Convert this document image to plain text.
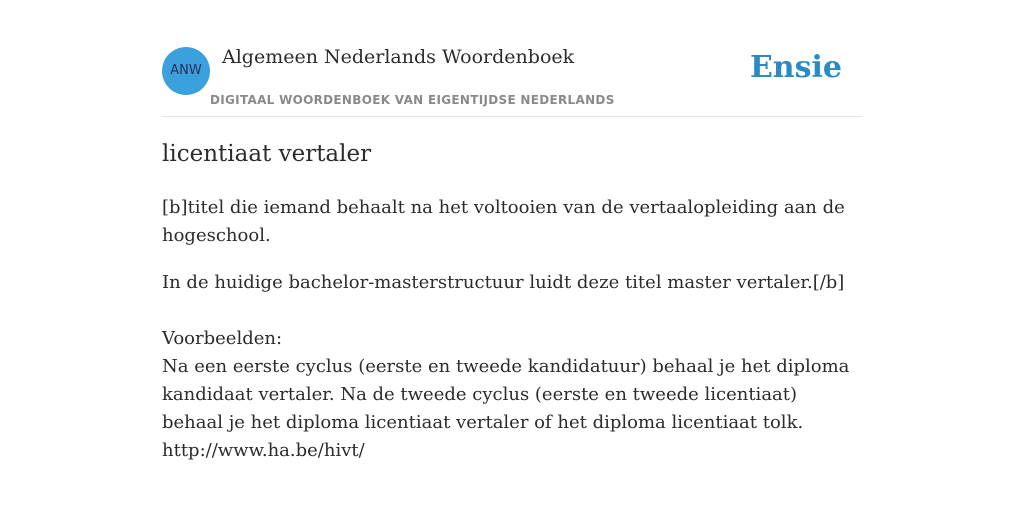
ANW
Algemeen Nederlands Woordenboek
DIGITAAL WOORDENBOEK VAN EIGENTIJDSE NEDERLANDS
Ensie
licentiaat vertaler

[b]titel die iemand behaalt na het voltooien van de vertaalopleiding aan de hogeschool.

In de huidige bachelor-masterstructuur luidt deze titel master vertaler.[/b]

Voorbeelden:

Na een eerste cyclus (eerste en tweede kandidatuur) behaal je het diploma kandidaat vertaler. Na de tweede cyclus (eerste en tweede licentiaat) behaal je het diploma licentiaat vertaler of het diploma licentiaat tolk.

http://www.ha.be/hivt/
